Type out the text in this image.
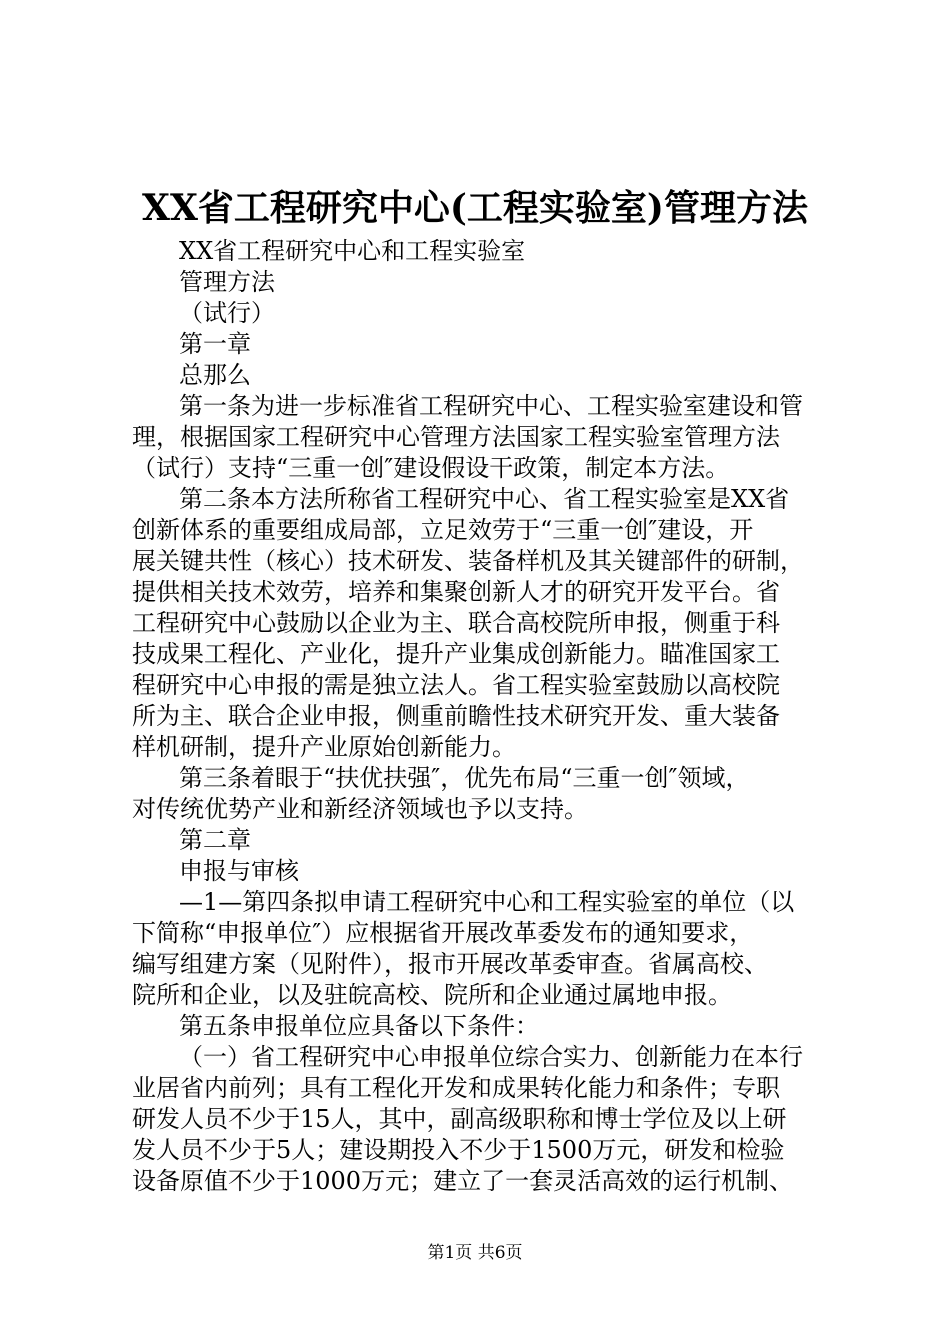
XX省工程研究中心(工程实验室)管理方法
XX省工程研究中心和工程实验室
管理方法
（试行）
第一章
总那么
第一条为进一步标准省工程研究中心、工程实验室建设和管
理，根据国家工程研究中心管理方法国家工程实验室管理方法
（试行）支持“三重一创″建设假设干政策，制定本方法。
第二条本方法所称省工程研究中心、省工程实验室是XX省
创新体系的重要组成局部，立足效劳于“三重一创″建设，开
展关键共性（核心）技术研发、装备样机及其关键部件的研制，
提供相关技术效劳，培养和集聚创新人才的研究开发平台。省
工程研究中心鼓励以企业为主、联合高校院所申报，侧重于科
技成果工程化、产业化，提升产业集成创新能力。瞄准国家工
程研究中心申报的需是独立法人。省工程实验室鼓励以高校院
所为主、联合企业申报，侧重前瞻性技术研究开发、重大装备
样机研制，提升产业原始创新能力。
第三条着眼于“扶优扶强″，优先布局“三重一创″领域，
对传统优势产业和新经济领域也予以支持。
第二章
申报与审核
—1—第四条拟申请工程研究中心和工程实验室的单位（以
下简称“申报单位″）应根据省开展改革委发布的通知要求，
编写组建方案（见附件），报市开展改革委审查。省属高校、
院所和企业，以及驻皖高校、院所和企业通过属地申报。
第五条申报单位应具备以下条件：
（一）省工程研究中心申报单位综合实力、创新能力在本行
业居省内前列；具有工程化开发和成果转化能力和条件；专职
研发人员不少于15人，其中，副高级职称和博士学位及以上研
发人员不少于5人；建设期投入不少于1500万元，研发和检验
设备原值不少于1000万元；建立了一套灵活高效的运行机制、
第1页 共6页
